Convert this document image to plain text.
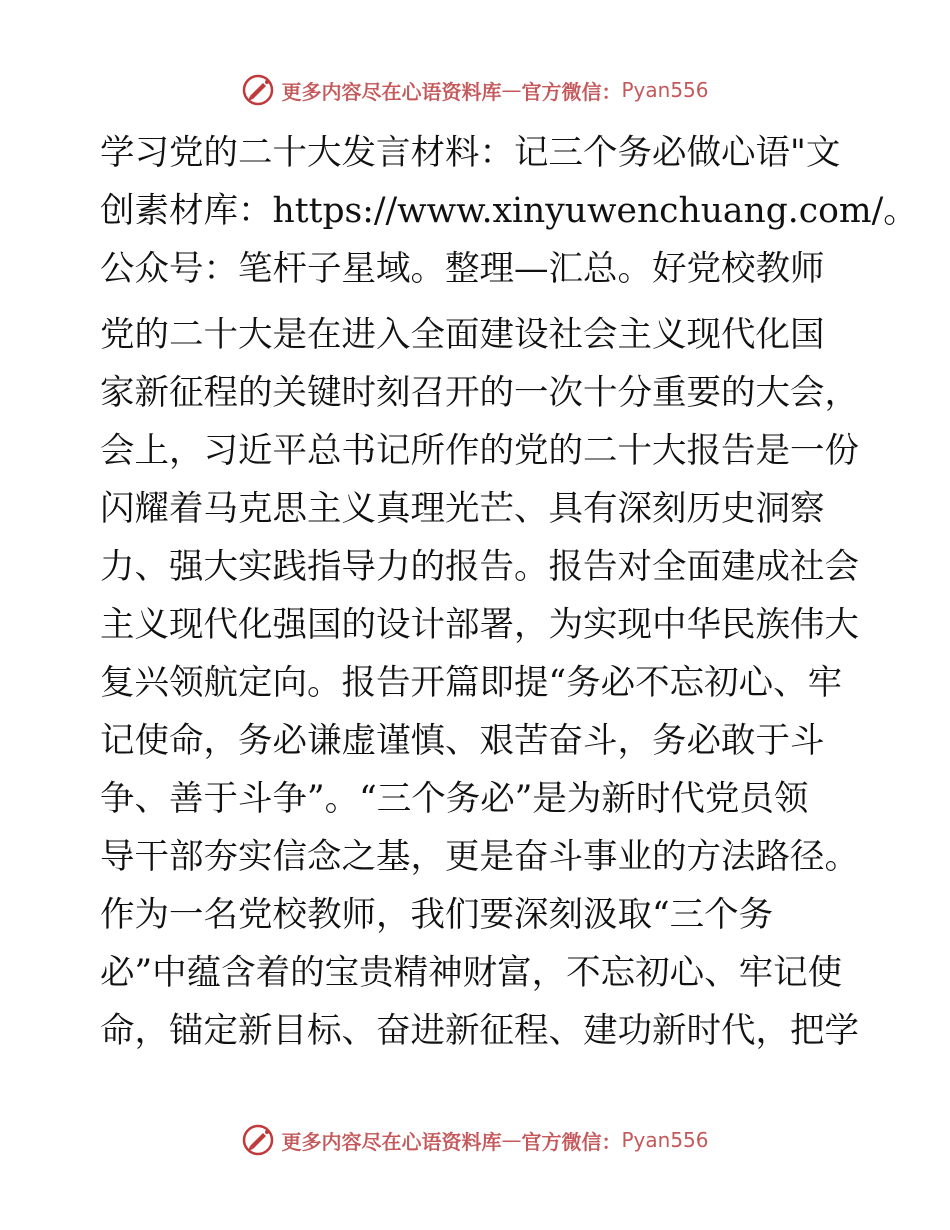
更多内容尽在心语资料库 — 官方微信： Pyan556
学习党的二十大发言材料：记三个务必做心语"文
创素材库：https://www.xinyuwenchuang.com/。
公众号：笔杆子星域。整理—汇总。好党校教师
党的二十大是在进入全面建设社会主义现代化国
家新征程的关键时刻召开的一次十分重要的大会，
会上，习近平总书记所作的党的二十大报告是一份
闪耀着马克思主义真理光芒、具有深刻历史洞察
力、强大实践指导力的报告。报告对全面建成社会
主义现代化强国的设计部署，为实现中华民族伟大
复兴领航定向。报告开篇即提“务必不忘初心、牢
记使命，务必谦虚谨慎、艰苦奋斗，务必敢于斗
争、善于斗争”。“三个务必”是为新时代党员领
导干部夯实信念之基，更是奋斗事业的方法路径。
作为一名党校教师，我们要深刻汲取“三个务
必”中蕴含着的宝贵精神财富，不忘初心、牢记使
命，锚定新目标、奋进新征程、建功新时代，把学
更多内容尽在心语资料库 — 官方微信： Pyan556
